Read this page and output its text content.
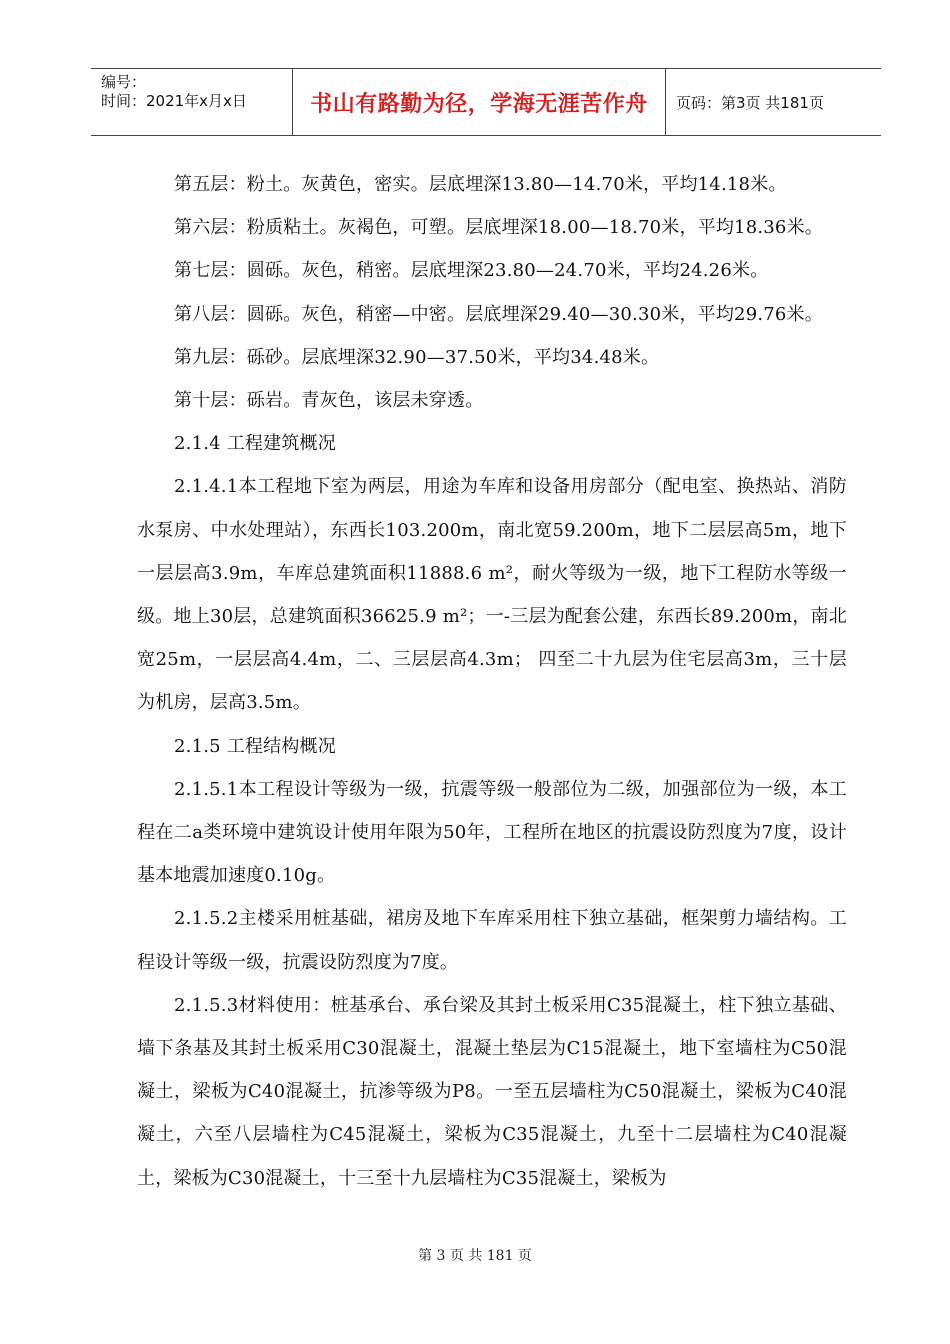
编号：
时间：2021年x月x日	书山有路勤为径，学海无涯苦作舟 页码：第3页 共181页

第五层：粉土。灰黄色，密实。层底埋深13.80—14.70米，平均14.18米。

第六层：粉质粘土。灰褐色，可塑。层底埋深18.00—18.70米，平均18.36米。

第七层：圆砾。灰色，稍密。层底埋深23.80—24.70米，平均24.26米。

第八层：圆砾。灰色，稍密—中密。层底埋深29.40—30.30米，平均29.76米。

第九层：砾砂。层底埋深32.90—37.50米，平均34.48米。

第十层：砾岩。青灰色，该层未穿透。

2.1.4 工程建筑概况

2.1.4.1本工程地下室为两层，用途为车库和设备用房部分（配电室、换热站、消防水泵房、中水处理站），东西长103.200m，南北宽59.200m，地下二层层高5m，地下一层层高3.9m，车库总建筑面积11888.6 m²，耐火等级为一级，地下工程防水等级一级。地上30层，总建筑面积36625.9 m²；一-三层为配套公建，东西长89.200m，南北宽25m，一层层高4.4m，二、三层层高4.3m； 四至二十九层为住宅层高3m，三十层为机房，层高3.5m。

2.1.5 工程结构概况

2.1.5.1本工程设计等级为一级，抗震等级一般部位为二级，加强部位为一级，本工程在二a类环境中建筑设计使用年限为50年，工程所在地区的抗震设防烈度为7度，设计基本地震加速度0.10g。

2.1.5.2主楼采用桩基础，裙房及地下车库采用柱下独立基础，框架剪力墙结构。工程设计等级一级，抗震设防烈度为7度。

2.1.5.3材料使用：桩基承台、承台梁及其封土板采用C35混凝土，柱下独立基础、墙下条基及其封土板采用C30混凝土，混凝土垫层为C15混凝土，地下室墙柱为C50混凝土，梁板为C40混凝土，抗渗等级为P8。一至五层墙柱为C50混凝土，梁板为C40混凝土，六至八层墙柱为C45混凝土，梁板为C35混凝土，九至十二层墙柱为C40混凝土，梁板为C30混凝土，十三至十九层墙柱为C35混凝土，梁板为

第 3 页 共 181 页
